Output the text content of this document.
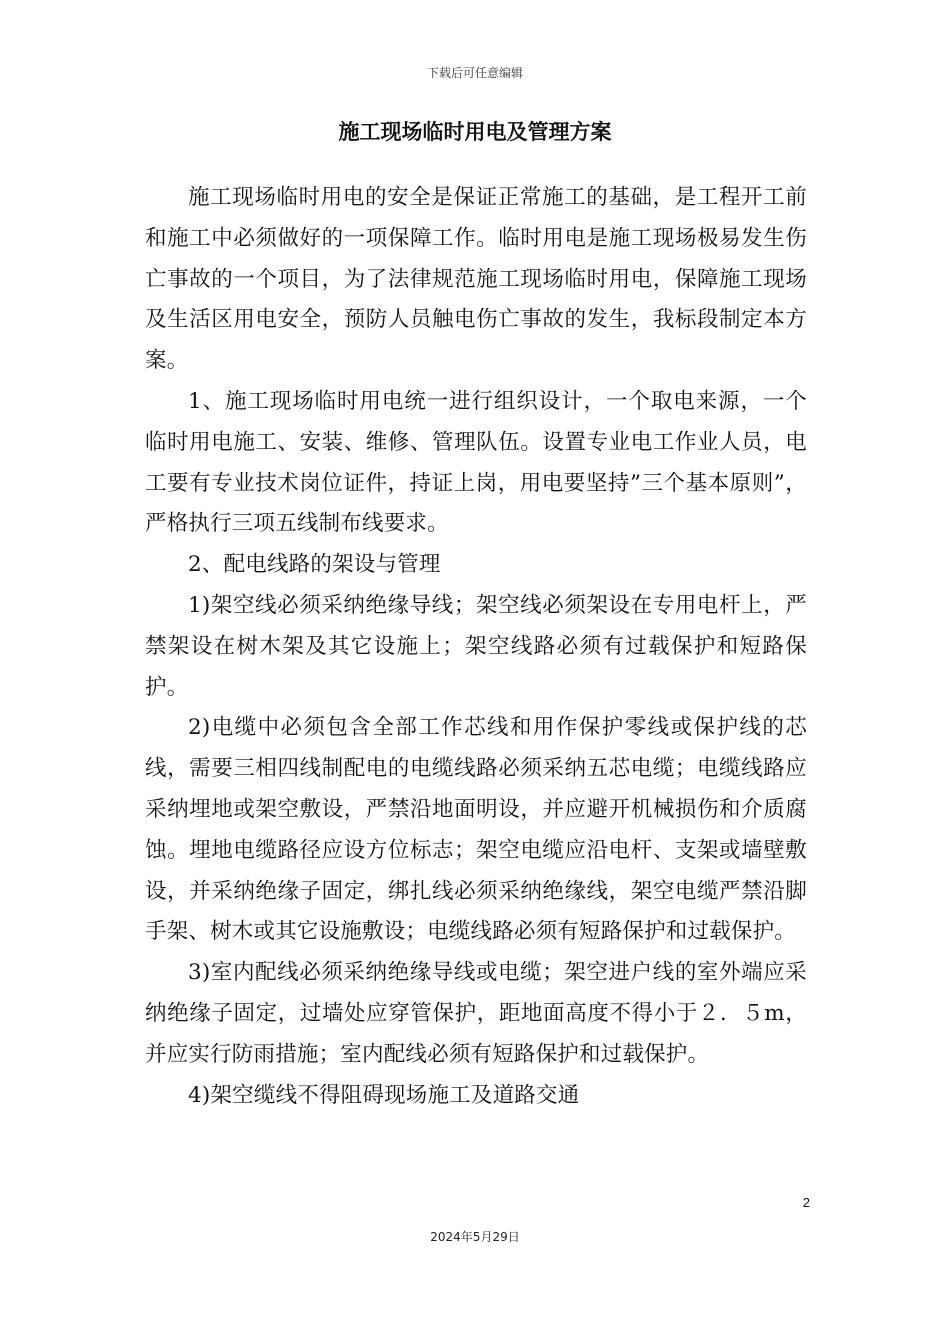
下载后可任意编辑
施工现场临时用电及管理方案

施工现场临时用电的安全是保证正常施工的基础，是工程开工前和施工中必须做好的一项保障工作。临时用电是施工现场极易发生伤亡事故的一个项目，为了法律规范施工现场临时用电，保障施工现场及生活区用电安全，预防人员触电伤亡事故的发生，我标段制定本方案。

1、施工现场临时用电统一进行组织设计，一个取电来源，一个临时用电施工、安装、维修、管理队伍。设置专业电工作业人员，电工要有专业技术岗位证件，持证上岗，用电要坚持”三个基本原则”，严格执行三项五线制布线要求。

2、配电线路的架设与管理

1)架空线必须采纳绝缘导线；架空线必须架设在专用电杆上，严禁架设在树木架及其它设施上；架空线路必须有过载保护和短路保护。

2)电缆中必须包含全部工作芯线和用作保护零线或保护线的芯线，需要三相四线制配电的电缆线路必须采纳五芯电缆；电缆线路应采纳埋地或架空敷设，严禁沿地面明设，并应避开机械损伤和介质腐蚀。埋地电缆路径应设方位标志；架空电缆应沿电杆、支架或墙壁敷设，并采纳绝缘子固定，绑扎线必须采纳绝缘线，架空电缆严禁沿脚手架、树木或其它设施敷设；电缆线路必须有短路保护和过载保护。

3)室内配线必须采纳绝缘导线或电缆；架空进户线的室外端应采纳绝缘子固定，过墙处应穿管保护，距地面高度不得小于２．５m，并应实行防雨措施；室内配线必须有短路保护和过载保护。

4)架空缆线不得阻碍现场施工及道路交通

2
2024年5月29日
